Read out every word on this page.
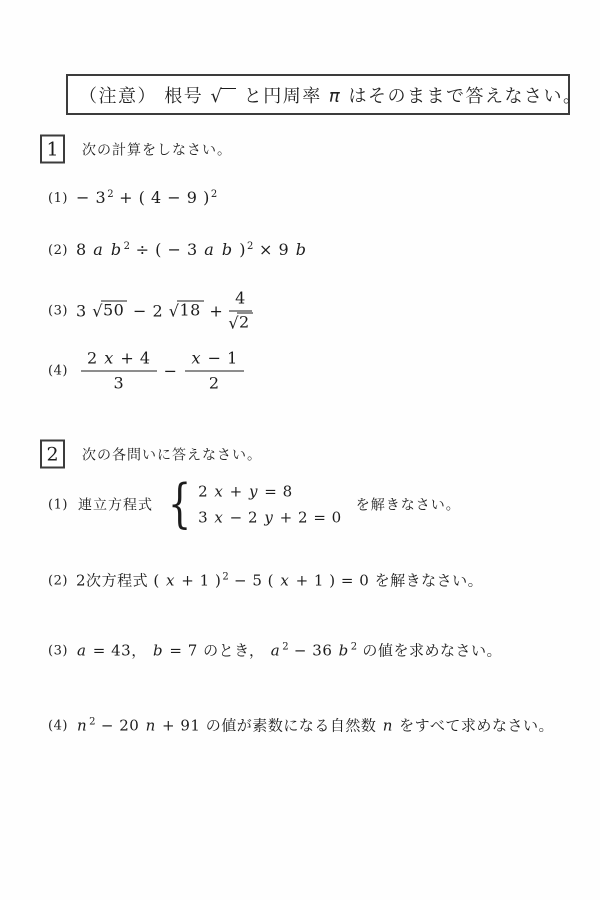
（注意） 根号 √ と円周率 π はそのままで答えなさい。
1	次の計算をしなさい。
$(1) - 3^2$ + ( 4 − 9 )$^2$
(2) 8 a b $^2$ ÷ ( − 3 a b )$^2$ × 9 b
(3) 3 √50 − 2 $√18 + \frac{4}{√2}$
$(4) \frac{2 x + 4}{3} - \frac{x - 1}{2}$
2	次の各問いに答えなさい。
(1) 連立方程式 { 2 x + y = 8
3 x − 2 y + 2 = 0
を解きなさい。
(2) 2次方程式 ( x + 1 )$^2$ − 5 ( x + 1 ) = 0 を解きなさい。
(3) a = 43， b = 7 のとき， a $^2$ − 36 b $^2$ の値を求めなさい。
(4) n $^2$ − 20 n + 91 の値が素数になる自然数 n をすべて求めなさい。
